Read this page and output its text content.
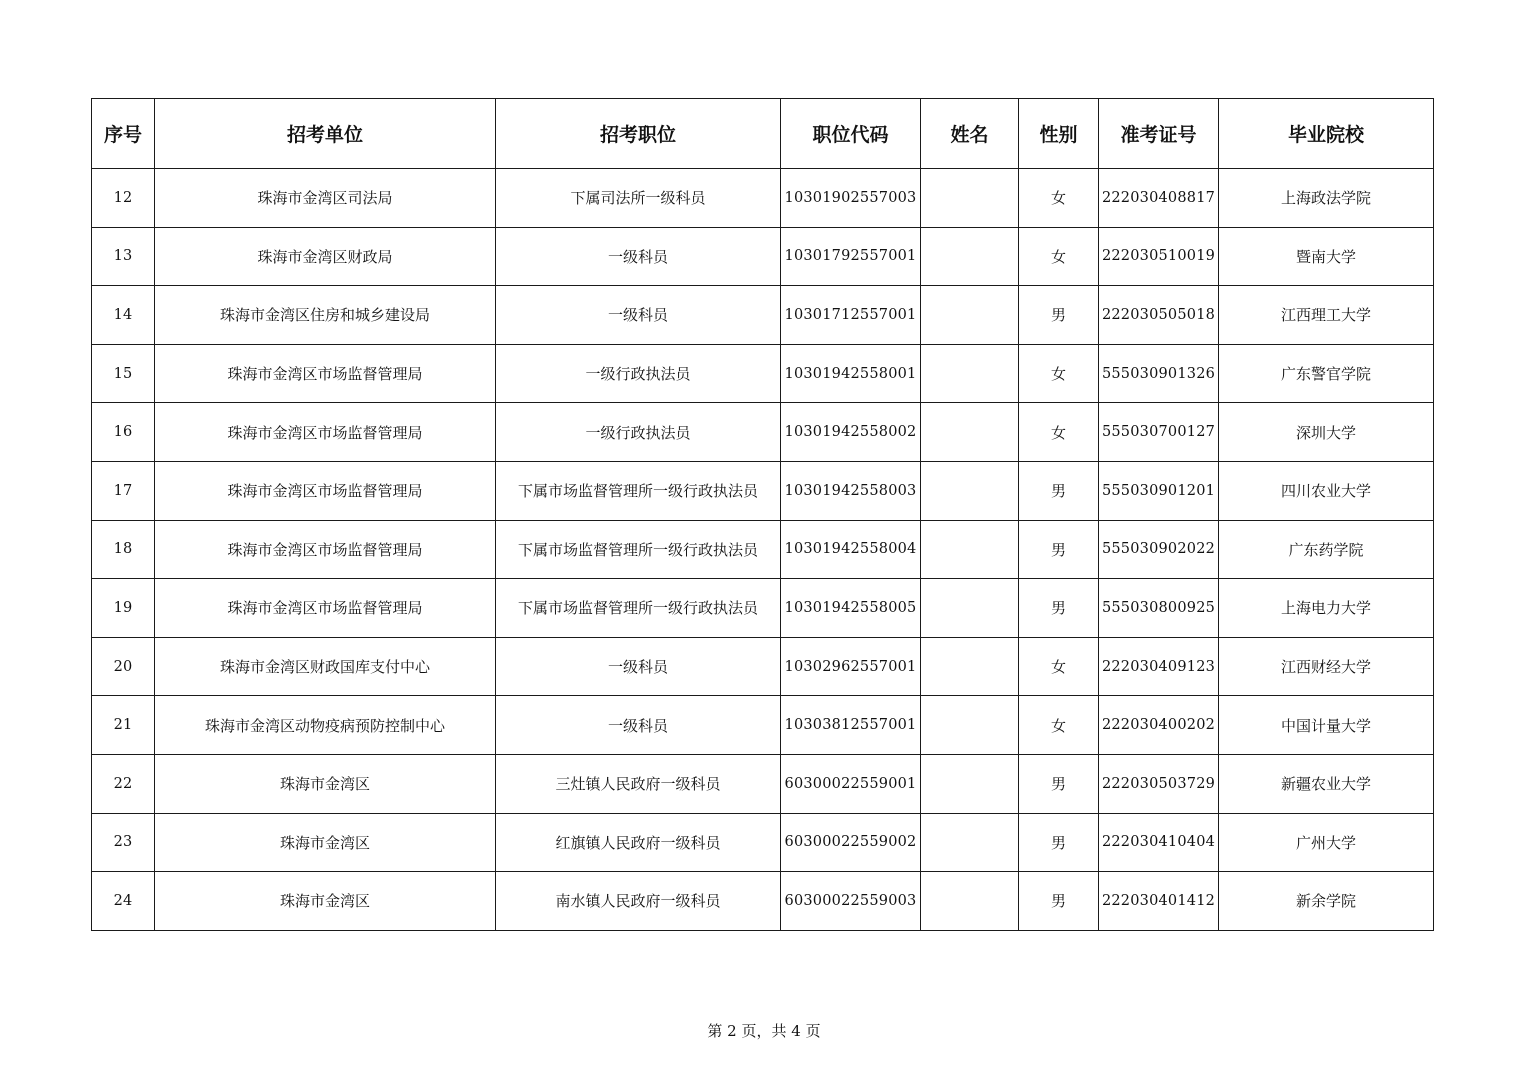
序号	招考单位	招考职位	职位代码	姓名	性别	准考证号	毕业院校
12	珠海市金湾区司法局	下属司法所一级科员	10301902557003		女	222030408817	上海政法学院
13	珠海市金湾区财政局	一级科员	10301792557001		女	222030510019	暨南大学
14	珠海市金湾区住房和城乡建设局	一级科员	10301712557001		男	222030505018	江西理工大学
15	珠海市金湾区市场监督管理局	一级行政执法员	10301942558001		女	555030901326	广东警官学院
16	珠海市金湾区市场监督管理局	一级行政执法员	10301942558002		女	555030700127	深圳大学
17	珠海市金湾区市场监督管理局	下属市场监督管理所一级行政执法员	10301942558003		男	555030901201	四川农业大学
18	珠海市金湾区市场监督管理局	下属市场监督管理所一级行政执法员	10301942558004		男	555030902022	广东药学院
19	珠海市金湾区市场监督管理局	下属市场监督管理所一级行政执法员	10301942558005		男	555030800925	上海电力大学
20	珠海市金湾区财政国库支付中心	一级科员	10302962557001		女	222030409123	江西财经大学
21	珠海市金湾区动物疫病预防控制中心	一级科员	10303812557001		女	222030400202	中国计量大学
22	珠海市金湾区	三灶镇人民政府一级科员	60300022559001		男	222030503729	新疆农业大学
23	珠海市金湾区	红旗镇人民政府一级科员	60300022559002		男	222030410404	广州大学
24	珠海市金湾区	南水镇人民政府一级科员	60300022559003		男	222030401412	新余学院
第 2 页，共 4 页
